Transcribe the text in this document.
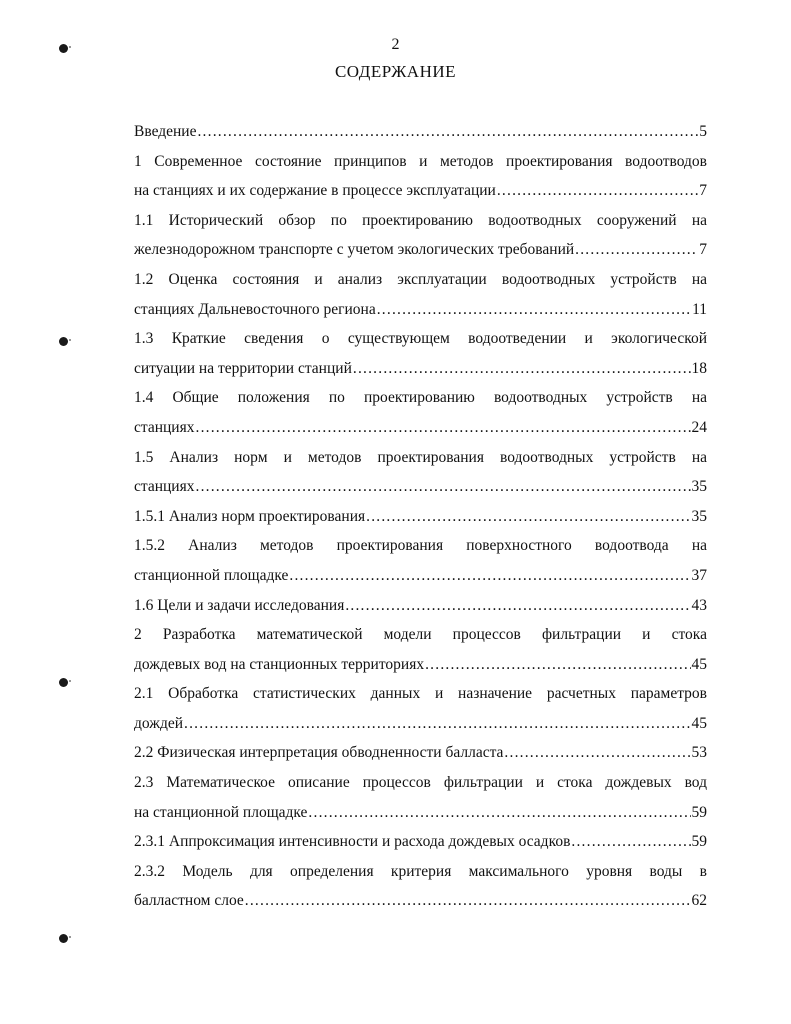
2
СОДЕРЖАНИЕ
Введение .....	5
1 Современное состояние принципов и методов проектирования водоотводов
на станциях и их содержание в процессе эксплуатации .....	7
1.1 Исторический обзор по проектированию водоотводных сооружений на
железнодорожном транспорте с учетом экологических требований .....	7
1.2 Оценка состояния и анализ эксплуатации водоотводных устройств на
станциях Дальневосточного региона .....	11
1.3 Краткие сведения о существующем водоотведении и экологической
ситуации на территории станций .....	18
1.4 Общие положения по проектированию водоотводных устройств на
станциях .....	24
1.5 Анализ норм и методов проектирования водоотводных устройств на
станциях .....	35
1.5.1 Анализ норм проектирования .....	35
1.5.2 Анализ методов проектирования поверхностного водоотвода на
станционной площадке .....	37
1.6 Цели и задачи исследования .....	43
2 Разработка математической модели процессов фильтрации и стока
дождевых вод на станционных территориях .....	45
2.1 Обработка статистических данных и назначение расчетных параметров
дождей .....	45
2.2 Физическая интерпретация обводненности балласта .....	53
2.3 Математическое описание процессов фильтрации и стока дождевых вод
на станционной площадке .....	59
2.3.1 Аппроксимация интенсивности и расхода дождевых осадков .....	59
2.3.2 Модель для определения критерия максимального уровня воды в
балластном слое .....	62
